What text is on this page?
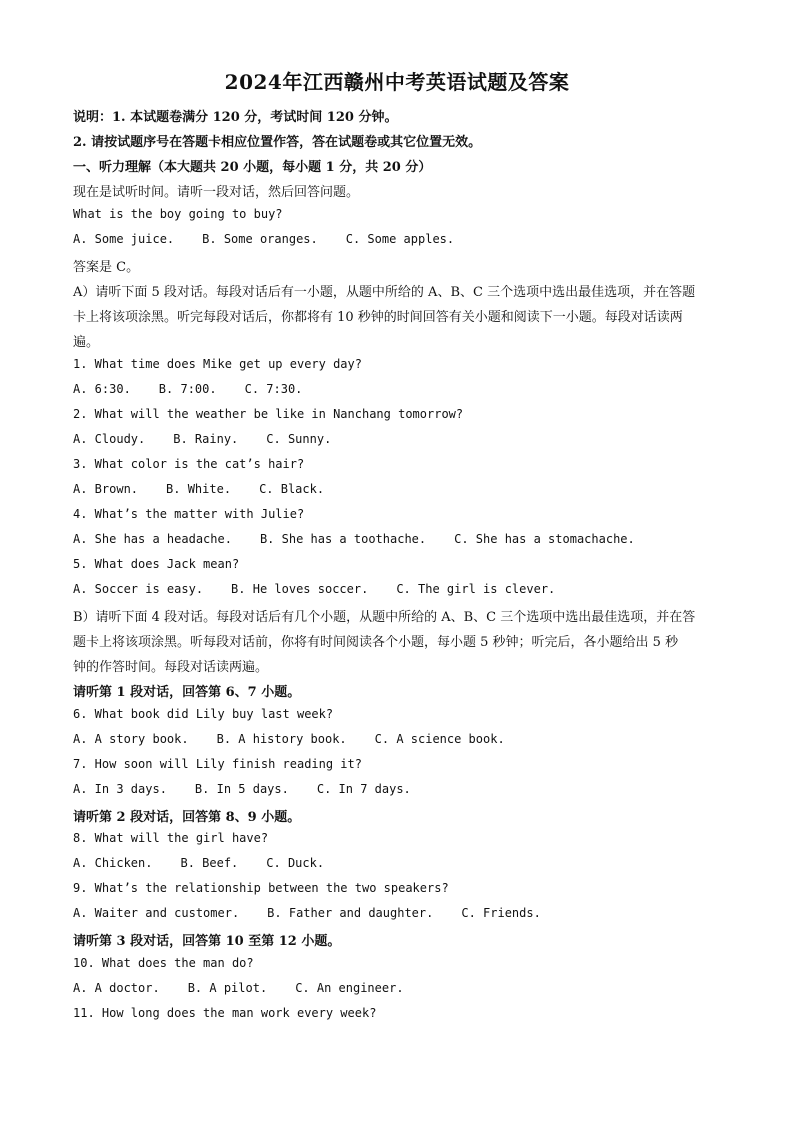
2024年江西赣州中考英语试题及答案
说明：1. 本试题卷满分 120 分，考试时间 120 分钟。
2. 请按试题序号在答题卡相应位置作答，答在试题卷或其它位置无效。
一、听力理解（本大题共 20 小题，每小题 1 分，共 20 分）
现在是试听时间。请听一段对话，然后回答问题。
What is the boy going to buy?
A. Some juice. B. Some oranges. C. Some apples.
答案是 C。
A）请听下面 5 段对话。每段对话后有一小题，从题中所给的 A、B、C 三个选项中选出最佳选项，并在答题
卡上将该项涂黑。听完每段对话后，你都将有 10 秒钟的时间回答有关小题和阅读下一小题。每段对话读两
遍。
1. What time does Mike get up every day?
A. 6:30. B. 7:00. C. 7:30.
2. What will the weather be like in Nanchang tomorrow?
A. Cloudy. B. Rainy. C. Sunny.
3. What color is the cat’s hair?
A. Brown. B. White. C. Black.
4. What’s the matter with Julie?
A. She has a headache. B. She has a toothache. C. She has a stomachache.
5. What does Jack mean?
A. Soccer is easy. B. He loves soccer. C. The girl is clever.
B）请听下面 4 段对话。每段对话后有几个小题，从题中所给的 A、B、C 三个选项中选出最佳选项，并在答
题卡上将该项涂黑。听每段对话前，你将有时间阅读各个小题，每小题 5 秒钟；听完后，各小题给出 5 秒
钟的作答时间。每段对话读两遍。
请听第 1 段对话，回答第 6、7 小题。
6. What book did Lily buy last week?
A. A story book. B. A history book. C. A science book.
7. How soon will Lily finish reading it?
A. In 3 days. B. In 5 days. C. In 7 days.
请听第 2 段对话，回答第 8、9 小题。
8. What will the girl have?
A. Chicken. B. Beef. C. Duck.
9. What’s the relationship between the two speakers?
A. Waiter and customer. B. Father and daughter. C. Friends.
请听第 3 段对话，回答第 10 至第 12 小题。
10. What does the man do?
A. A doctor. B. A pilot. C. An engineer.
11. How long does the man work every week?
